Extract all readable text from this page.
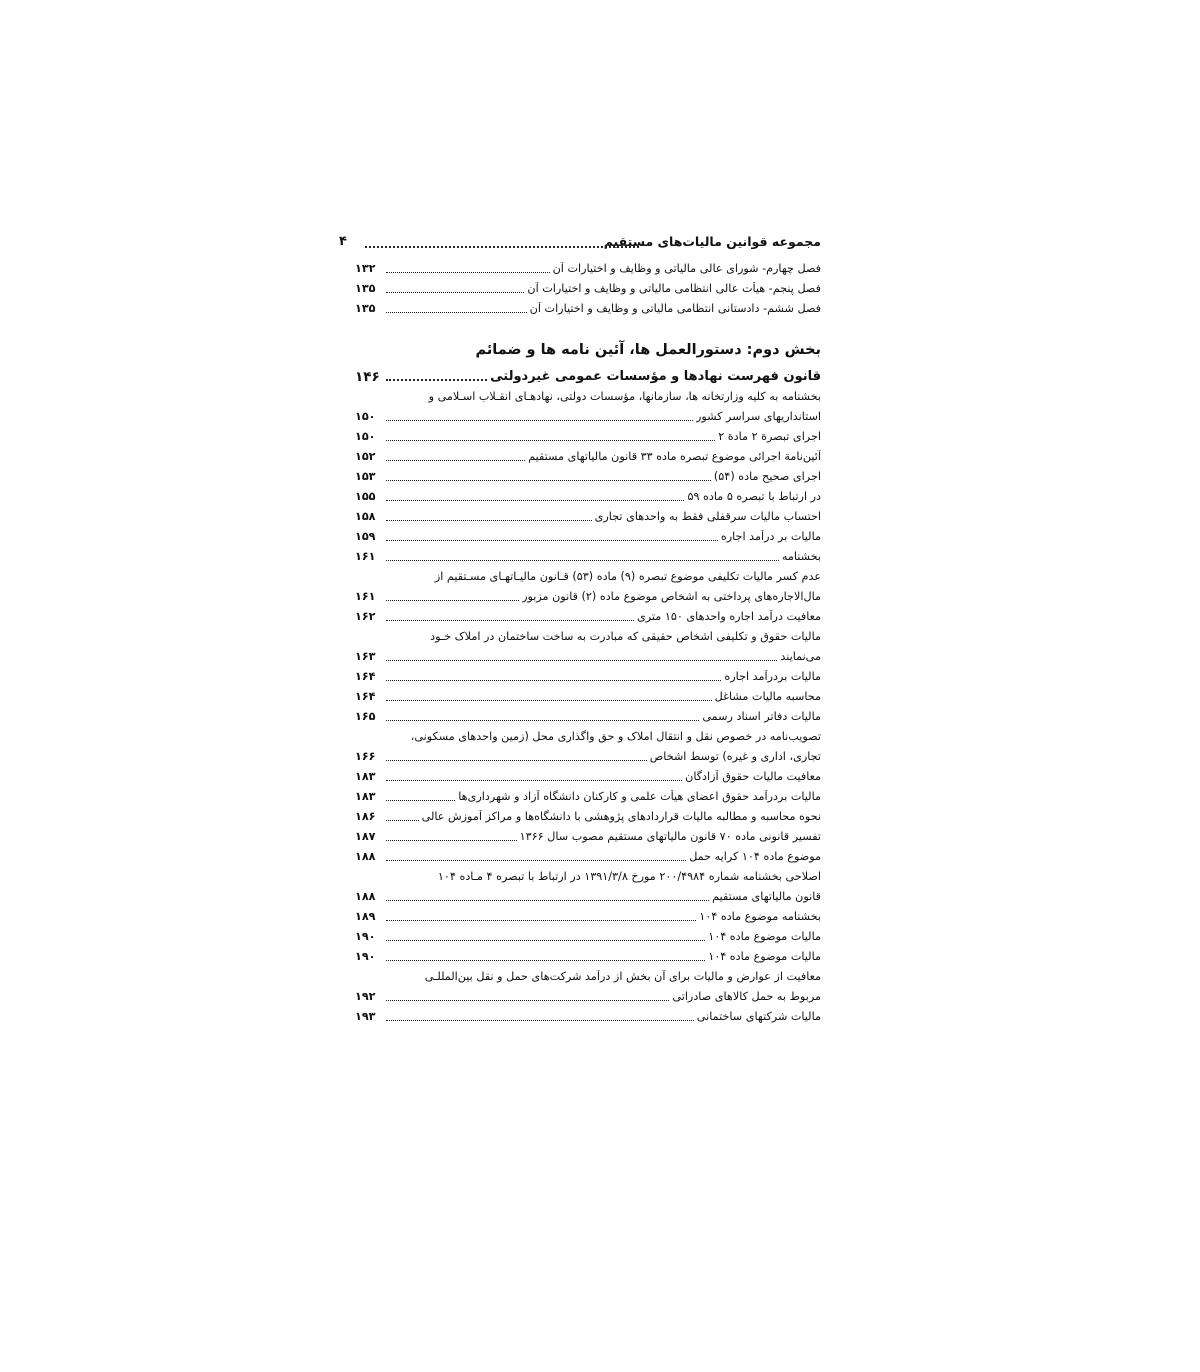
مجموعه قوانین مالیات‌های مستقیم
۴
فصل چهارم- شورای عالی مالیاتی و وظایف و اختیارات آن
۱۳۲
فصل پنجم- هیأت عالی انتظامی مالیاتی و وظایف و اختیارات آن
۱۳۵
فصل ششم- دادستانی انتظامی مالیاتی و وظایف و اختیارات آن
۱۳۵
بخش دوم: دستورالعمل ها، آئین نامه ها و ضمائم
قانون فهرست نهادها و مؤسسات عمومی غیردولتی
۱۴۶
بخشنامه به کلیه وزارتخانه ها، سازمانها، مؤسسات دولتی، نهادهـای انقـلاب اسـلامی و
استانداریهای سراسر کشور
۱۵۰
اجرای تبصرة ۲ مادة ۲
۱۵۰
آئین‌نامة اجرائی موضوع تبصره ماده ۳۳ قانون مالیاتهای مستقیم
۱۵۲
اجرای صحیح ماده (۵۴)
۱۵۳
در ارتباط با تبصره ۵ ماده ۵۹
۱۵۵
احتساب مالیات سرقفلی فقط به واحدهای تجاری
۱۵۸
مالیات بر درآمد اجاره
۱۵۹
بخشنامه
۱۶۱
عدم کسر مالیات تکلیفی موضوع تبصره (۹) ماده (۵۳) قـانون مالیـاتهـای مسـتقیم از
مال‌الاجاره‌های پرداختی به اشخاص موضوع ماده (۲) قانون مزبور
۱۶۱
معافیت درآمد اجاره واحدهای ۱۵۰ متری
۱۶۲
مالیات حقوق و تکلیفی اشخاص حقیقی که مبادرت به ساخت ساختمان در املاک خـود
می‌نمایند
۱۶۳
مالیات بردرآمد اجاره
۱۶۴
محاسبه مالیات مشاغل
۱۶۴
مالیات دفاتر اسناد رسمی
۱۶۵
تصویب‌نامه در خصوص نقل و انتقال املاک و حق واگذاری محل (زمین واحدهای مسکونی،
تجاری، اداری و غیره) توسط اشخاص
۱۶۶
معافیت مالیات حقوق آزادگان
۱۸۳
مالیات بردرآمد حقوق اعضای هیأت علمی و کارکنان دانشگاه آزاد و شهرداری‌ها
۱۸۳
نحوه محاسبه و مطالبه مالیات قراردادهای پژوهشی با دانشگاه‌ها و مراکز آموزش عالی
۱۸۶
تفسیر قانونی ماده ۷۰ قانون مالیاتهای مستقیم مصوب سال ۱۳۶۶
۱۸۷
موضوع ماده ۱۰۴ کرایه حمل
۱۸۸
اصلاحی بخشنامه شماره ۲۰۰/۴۹۸۴ مورخ ۱۳۹۱/۳/۸ در ارتباط با تبصره ۴ مـاده ۱۰۴
قانون مالیاتهای مستقیم
۱۸۸
بخشنامه موضوع ماده ۱۰۴
۱۸۹
مالیات موضوع ماده ۱۰۴
۱۹۰
مالیات موضوع ماده ۱۰۴
۱۹۰
معافیت از عوارض و مالیات برای آن بخش از درآمد شرکت‌های حمل و نقل بین‌المللـی
مربوط به حمل کالاهای صادراتی
۱۹۲
مالیات شرکتهای ساختمانی
۱۹۳
